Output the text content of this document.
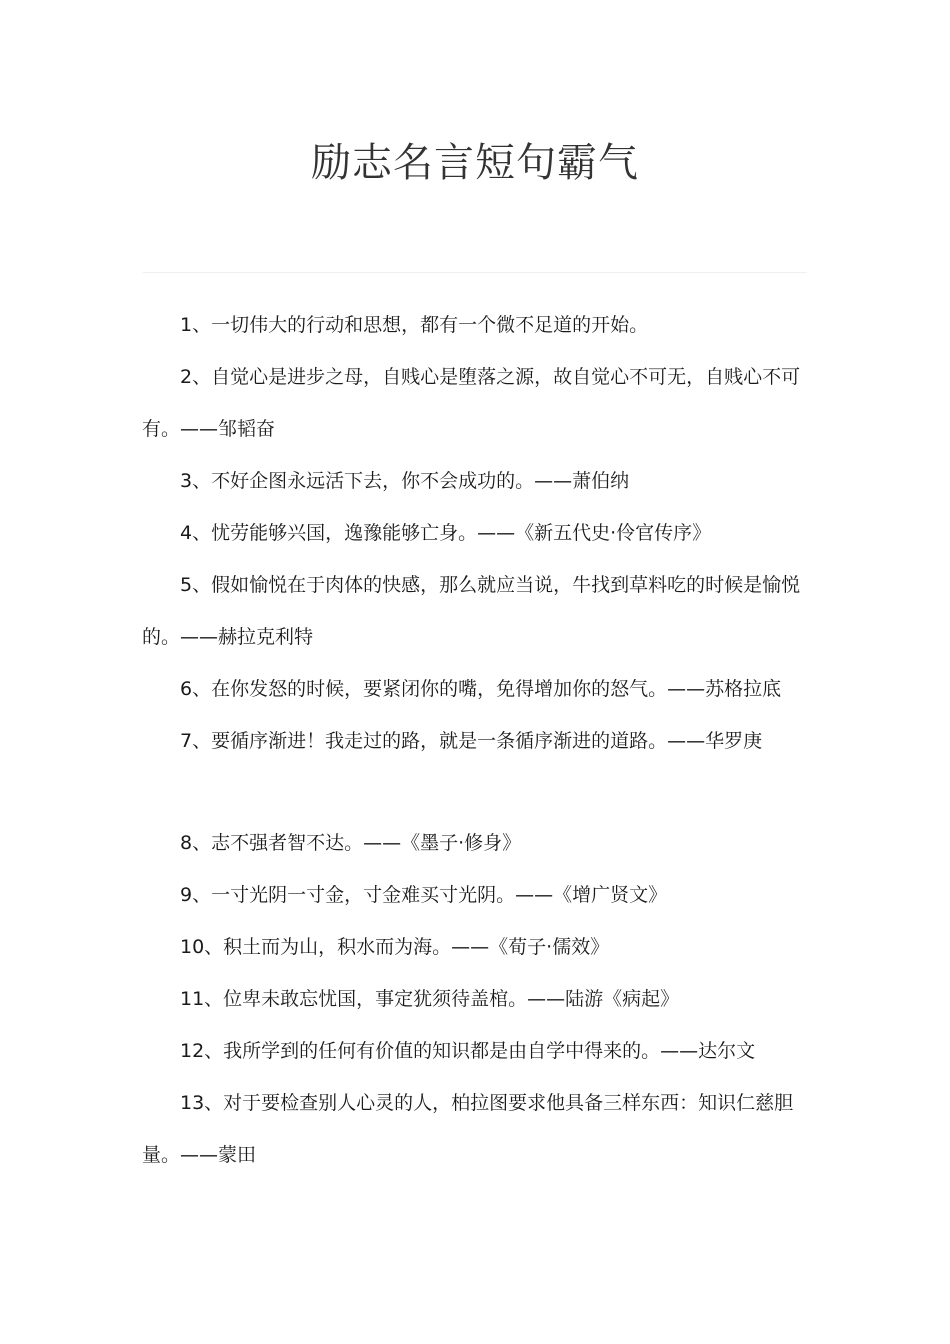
励志名言短句霸气
1、一切伟大的行动和思想，都有一个微不足道的开始。
2、自觉心是进步之母，自贱心是堕落之源，故自觉心不可无，自贱心不可
有。——邹韬奋
3、不好企图永远活下去，你不会成功的。——萧伯纳
4、忧劳能够兴国，逸豫能够亡身。——《新五代史·伶官传序》
5、假如愉悦在于肉体的快感，那么就应当说，牛找到草料吃的时候是愉悦
的。——赫拉克利特
6、在你发怒的时候，要紧闭你的嘴，免得增加你的怒气。——苏格拉底
7、要循序渐进！我走过的路，就是一条循序渐进的道路。——华罗庚
8、志不强者智不达。——《墨子·修身》
9、一寸光阴一寸金，寸金难买寸光阴。——《增广贤文》
10、积土而为山，积水而为海。——《荀子·儒效》
11、位卑未敢忘忧国，事定犹须待盖棺。——陆游《病起》
12、我所学到的任何有价值的知识都是由自学中得来的。——达尔文
13、对于要检查别人心灵的人，柏拉图要求他具备三样东西：知识仁慈胆
量。——蒙田
